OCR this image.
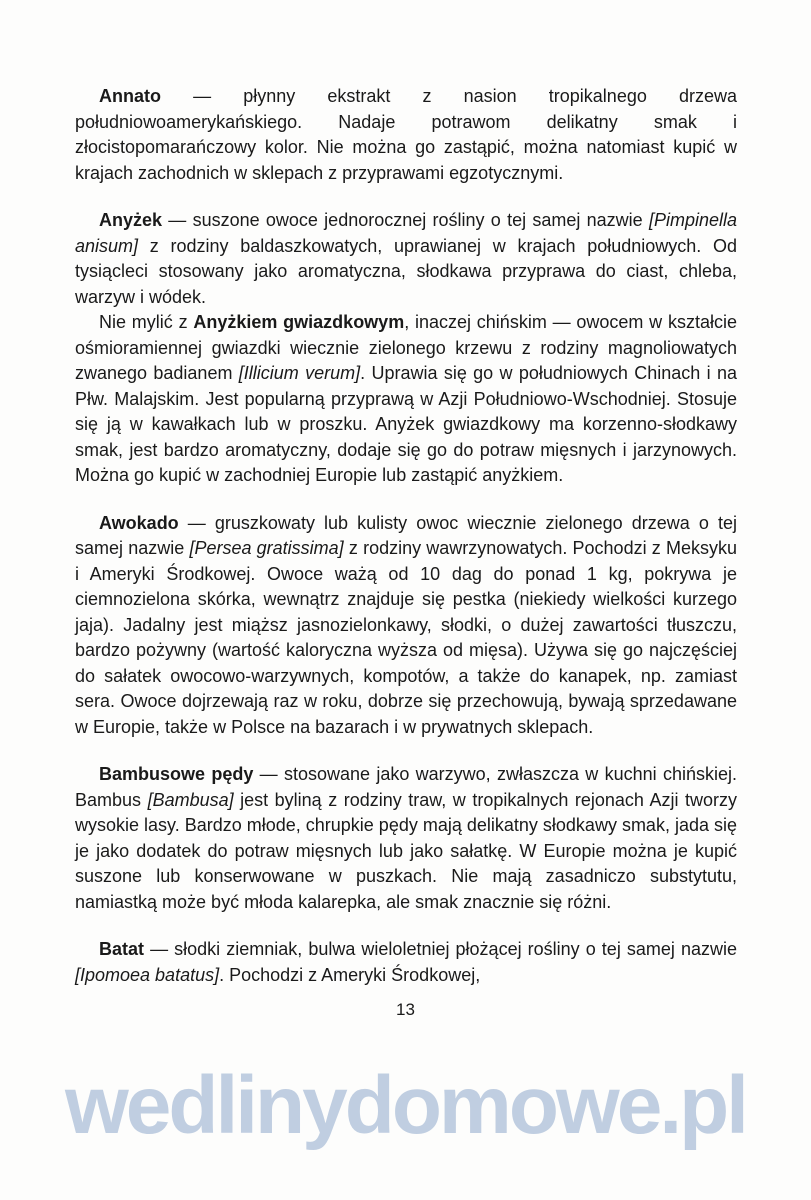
Annato — płynny ekstrakt z nasion tropikalnego drzewa południowoamerykańskiego. Nadaje potrawom delikatny smak i złocistopomarańczowy kolor. Nie można go zastąpić, można natomiast kupić w krajach zachodnich w sklepach z przyprawami egzotycznymi.

Anyżek — suszone owoce jednorocznej rośliny o tej samej nazwie [Pimpinella anisum] z rodziny baldaszkowatych, uprawianej w krajach południowych. Od tysiącleci stosowany jako aromatyczna, słodkawa przyprawa do ciast, chleba, warzyw i wódek.

Nie mylić z Anyżkiem gwiazdkowym, inaczej chińskim — owocem w kształcie ośmioramiennej gwiazdki wiecznie zielonego krzewu z rodziny magnoliowatych zwanego badianem [Illicium verum]. Uprawia się go w południowych Chinach i na Płw. Malajskim. Jest popularną przyprawą w Azji Południowo-Wschodniej. Stosuje się ją w kawałkach lub w proszku. Anyżek gwiazdkowy ma korzenno-słodkawy smak, jest bardzo aromatyczny, dodaje się go do potraw mięsnych i jarzynowych. Można go kupić w zachodniej Europie lub zastąpić anyżkiem.

Awokado — gruszkowaty lub kulisty owoc wiecznie zielonego drzewa o tej samej nazwie [Persea gratissima] z rodziny wawrzynowatych. Pochodzi z Meksyku i Ameryki Środkowej. Owoce ważą od 10 dag do ponad 1 kg, pokrywa je ciemnozielona skórka, wewnątrz znajduje się pestka (niekiedy wielkości kurzego jaja). Jadalny jest miąższ jasnozielonkawy, słodki, o dużej zawartości tłuszczu, bardzo pożywny (wartość kaloryczna wyższa od mięsa). Używa się go najczęściej do sałatek owocowo-warzywnych, kompotów, a także do kanapek, np. zamiast sera. Owoce dojrzewają raz w roku, dobrze się przechowują, bywają sprzedawane w Europie, także w Polsce na bazarach i w prywatnych sklepach.

Bambusowe pędy — stosowane jako warzywo, zwłaszcza w kuchni chińskiej. Bambus [Bambusa] jest byliną z rodziny traw, w tropikalnych rejonach Azji tworzy wysokie lasy. Bardzo młode, chrupkie pędy mają delikatny słodkawy smak, jada się je jako dodatek do potraw mięsnych lub jako sałatkę. W Europie można je kupić suszone lub konserwowane w puszkach. Nie mają zasadniczo substytutu, namiastką może być młoda kalarepka, ale smak znacznie się różni.

Batat — słodki ziemniak, bulwa wieloletniej płożącej rośliny o tej samej nazwie [Ipomoea batatus]. Pochodzi z Ameryki Środkowej,

13
wedlinydomowe.pl
